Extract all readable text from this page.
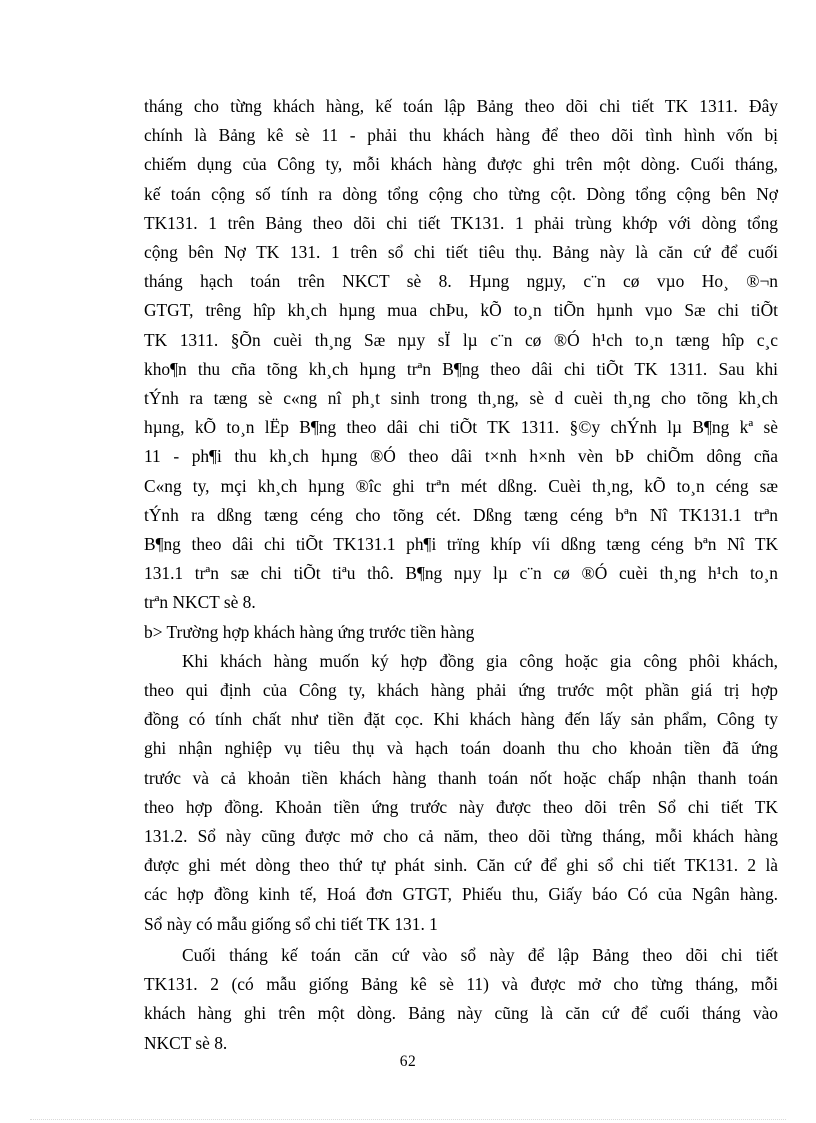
tháng cho từng khách hàng, kế toán lập Bảng theo dõi chi tiết TK 1311. Đây
chính là Bảng kê sè 11 - phải thu khách hàng để theo dõi tình hình vốn bị
chiếm dụng của Công ty, mỗi khách hàng được ghi trên một dòng. Cuối tháng,
kế toán cộng số tính ra dòng tổng cộng cho từng cột. Dòng tổng cộng bên Nợ
TK131. 1 trên Bảng theo dõi chi tiết TK131. 1 phải trùng khớp với dòng tổng
cộng bên Nợ TK 131. 1 trên sổ chi tiết tiêu thụ. Bảng này là căn cứ để cuối
tháng hạch toán trên NKCT sè 8. Hµng ngµy, c¨n cø vµo Ho¸ ®¬n
GTGT, trêng hîp kh¸ch hµng mua chÞu, kÕ to¸n tiÕn hµnh vµo Sæ chi tiÕt
TK 1311. §Õn cuèi th¸ng Sæ nµy sÏ lµ c¨n cø ®Ó h¹ch to¸n tæng hîp c¸c
kho¶n thu cña tõng kh¸ch hµng trªn B¶ng theo dâi chi tiÕt TK 1311. Sau khi
tÝnh ra tæng sè c«ng nî ph¸t sinh trong th¸ng, sè d cuèi th¸ng cho tõng kh¸ch
hµng, kÕ to¸n lËp B¶ng theo dâi chi tiÕt TK 1311. §©y chÝnh lµ B¶ng kª sè
11 - ph¶i thu kh¸ch hµng ®Ó theo dâi t×nh h×nh vèn bÞ chiÕm dông cña
C«ng ty, mçi kh¸ch hµng ®îc ghi trªn mét dßng. Cuèi th¸ng, kÕ to¸n céng sæ
tÝnh ra dßng tæng céng cho tõng cét. Dßng tæng céng bªn Nî TK131.1 trªn
B¶ng theo dâi chi tiÕt TK131.1 ph¶i trïng khíp víi dßng tæng céng bªn Nî TK
131.1 trªn sæ chi tiÕt tiªu thô. B¶ng nµy lµ c¨n cø ®Ó cuèi th¸ng h¹ch to¸n
trªn NKCT sè 8.

b> Trường hợp khách hàng ứng trước tiền hàng

Khi khách hàng muốn ký hợp đồng gia công hoặc gia công phôi khách,
theo qui định của Công ty, khách hàng phải ứng trước một phần giá trị hợp
đồng có tính chất như tiền đặt cọc. Khi khách hàng đến lấy sản phẩm, Công ty
ghi nhận nghiệp vụ tiêu thụ và hạch toán doanh thu cho khoản tiền đã ứng
trước và cả khoản tiền khách hàng thanh toán nốt hoặc chấp nhận thanh toán
theo hợp đồng. Khoản tiền ứng trước này được theo dõi trên Sổ chi tiết TK
131.2. Sổ này cũng được mở cho cả năm, theo dõi từng tháng, mỗi khách hàng
được ghi mét dòng theo thứ tự phát sinh. Căn cứ để ghi sổ chi tiết TK131. 2 là
các hợp đồng kinh tế, Hoá đơn GTGT, Phiếu thu, Giấy báo Có của Ngân hàng.
Sổ này có mẫu giống sổ chi tiết TK 131. 1

Cuối tháng kế toán căn cứ vào sổ này để lập Bảng theo dõi chi tiết
TK131. 2 (có mẫu giống Bảng kê sè 11) và được mở cho từng tháng, mỗi
khách hàng ghi trên một dòng. Bảng này cũng là căn cứ để cuối tháng vào
NKCT sè 8.

62
